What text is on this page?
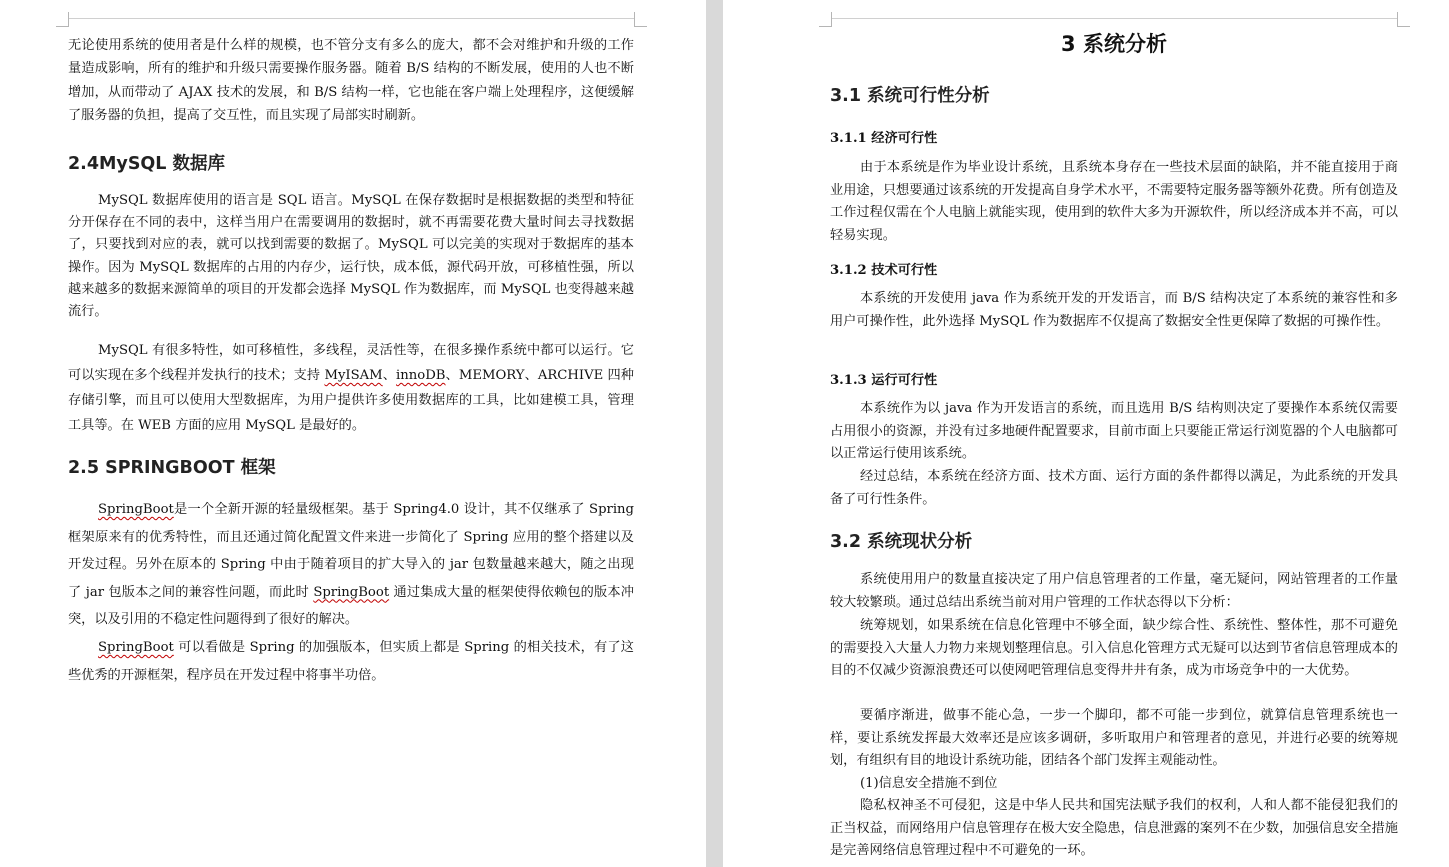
无论使用系统的使用者是什么样的规模，也不管分支有多么的庞大，都不会对维护和升级的工作量造成影响，所有的维护和升级只需要操作服务器。随着 B/S 结构的不断发展，使用的人也不断增加，从而带动了 AJAX 技术的发展，和 B/S 结构一样，它也能在客户端上处理程序，这便缓解了服务器的负担，提高了交互性，而且实现了局部实时刷新。

2.4MySQL 数据库

MySQL 数据库使用的语言是 SQL 语言。MySQL 在保存数据时是根据数据的类型和特征分开保存在不同的表中，这样当用户在需要调用的数据时，就不再需要花费大量时间去寻找数据了，只要找到对应的表，就可以找到需要的数据了。MySQL 可以完美的实现对于数据库的基本操作。因为 MySQL 数据库的占用的内存少，运行快，成本低，源代码开放，可移植性强，所以越来越多的数据来源简单的项目的开发都会选择 MySQL 作为数据库，而 MySQL 也变得越来越流行。

MySQL 有很多特性，如可移植性，多线程，灵活性等，在很多操作系统中都可以运行。它可以实现在多个线程并发执行的技术；支持 MyISAM、innoDB、MEMORY、ARCHIVE 四种存储引擎，而且可以使用大型数据库，为用户提供许多使用数据库的工具，比如建模工具，管理工具等。在 WEB 方面的应用 MySQL 是最好的。

2.5 SPRINGBOOT 框架

SpringBoot是一个全新开源的轻量级框架。基于 Spring4.0 设计，其不仅继承了 Spring 框架原来有的优秀特性，而且还通过简化配置文件来进一步简化了 Spring 应用的整个搭建以及开发过程。另外在原本的 Spring 中由于随着项目的扩大导入的 jar 包数量越来越大，随之出现了 jar 包版本之间的兼容性问题，而此时 SpringBoot 通过集成大量的框架使得依赖包的版本冲突，以及引用的不稳定性问题得到了很好的解决。

SpringBoot 可以看做是 Spring 的加强版本，但实质上都是 Spring 的相关技术，有了这些优秀的开源框架，程序员在开发过程中将事半功倍。

3 系统分析
3.1 系统可行性分析
3.1.1 经济可行性

由于本系统是作为毕业设计系统，且系统本身存在一些技术层面的缺陷，并不能直接用于商业用途，只想要通过该系统的开发提高自身学术水平，不需要特定服务器等额外花费。所有创造及工作过程仅需在个人电脑上就能实现，使用到的软件大多为开源软件，所以经济成本并不高，可以轻易实现。

3.1.2 技术可行性

本系统的开发使用 java 作为系统开发的开发语言，而 B/S 结构决定了本系统的兼容性和多用户可操作性，此外选择 MySQL 作为数据库不仅提高了数据安全性更保障了数据的可操作性。

3.1.3 运行可行性

本系统作为以 java 作为开发语言的系统，而且选用 B/S 结构则决定了要操作本系统仅需要占用很小的资源，并没有过多地硬件配置要求，目前市面上只要能正常运行浏览器的个人电脑都可以正常运行使用该系统。

经过总结，本系统在经济方面、技术方面、运行方面的条件都得以满足，为此系统的开发具备了可行性条件。

3.2 系统现状分析

系统使用用户的数量直接决定了用户信息管理者的工作量，毫无疑问，网站管理者的工作量较大较繁琐。通过总结出系统当前对用户管理的工作状态得以下分析：

统筹规划，如果系统在信息化管理中不够全面，缺少综合性、系统性、整体性，那不可避免的需要投入大量人力物力来规划整理信息。引入信息化管理方式无疑可以达到节省信息管理成本的目的不仅减少资源浪费还可以使网吧管理信息变得井井有条，成为市场竞争中的一大优势。

要循序渐进，做事不能心急，一步一个脚印，都不可能一步到位，就算信息管理系统也一样，要让系统发挥最大效率还是应该多调研，多听取用户和管理者的意见，并进行必要的统筹规划，有组织有目的地设计系统功能，团结各个部门发挥主观能动性。

(1)信息安全措施不到位

隐私权神圣不可侵犯，这是中华人民共和国宪法赋予我们的权利，人和人都不能侵犯我们的正当权益，而网络用户信息管理存在极大安全隐患，信息泄露的案列不在少数，加强信息安全措施是完善网络信息管理过程中不可避免的一环。
